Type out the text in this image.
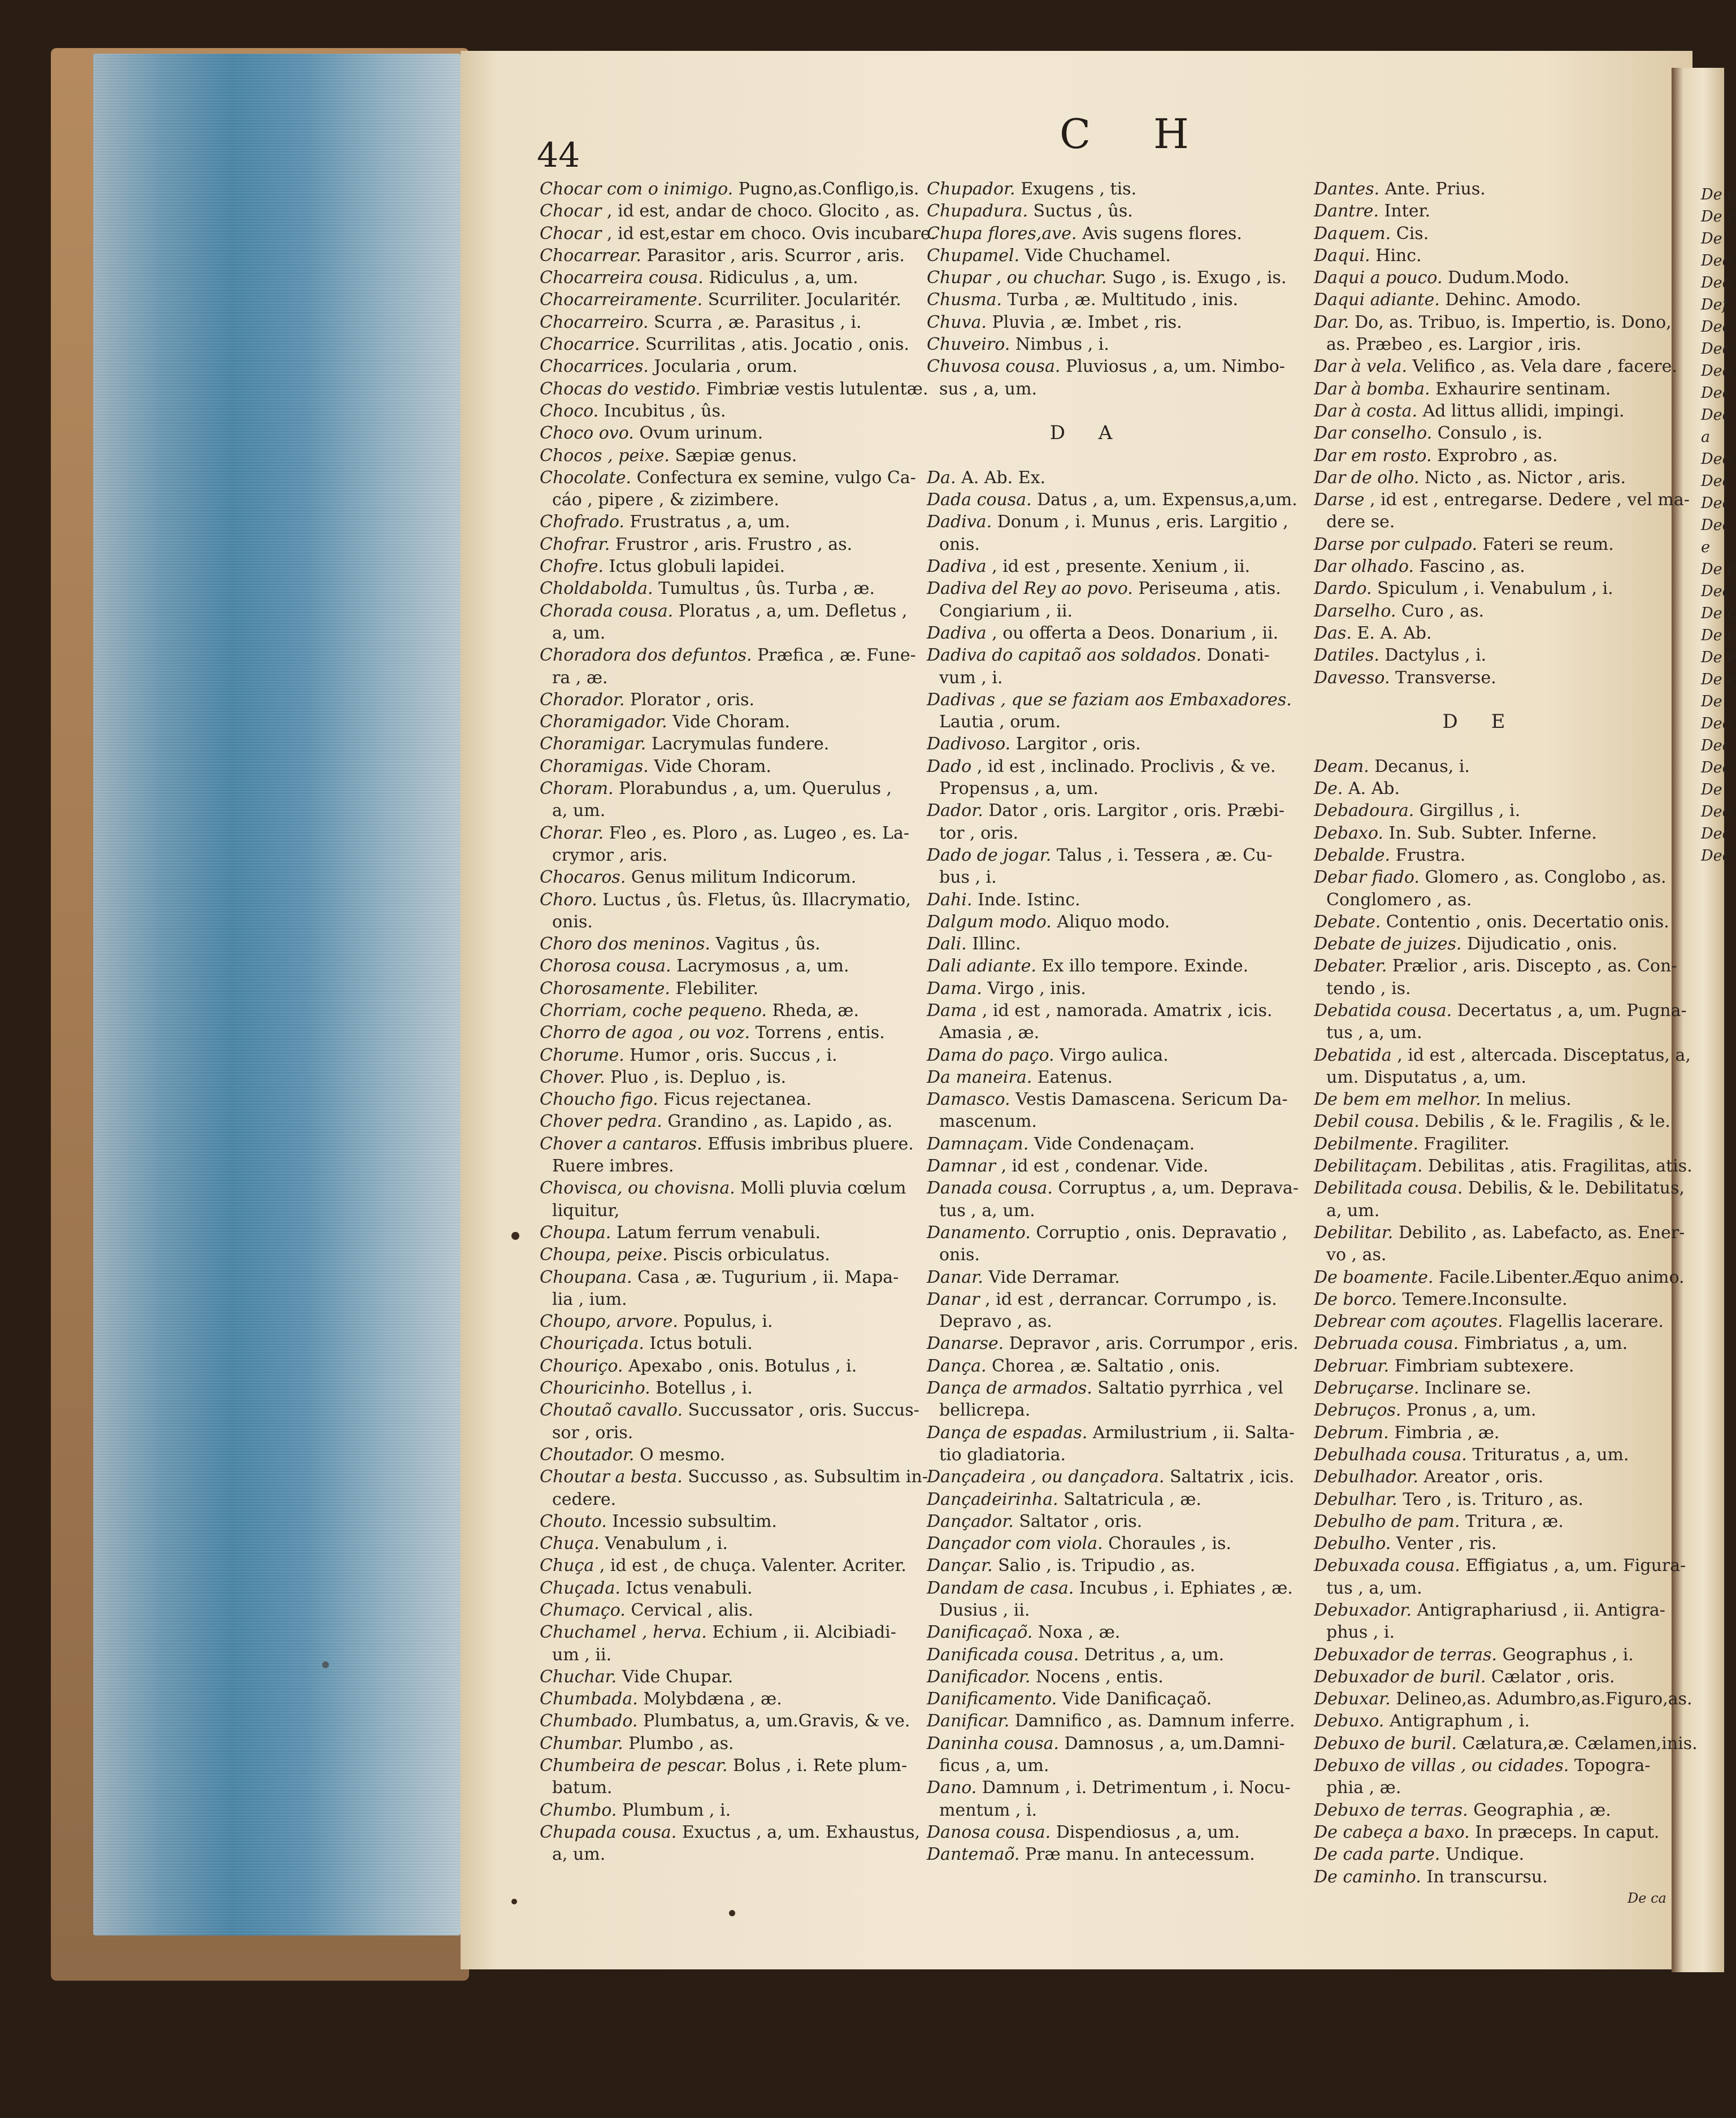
De c
De c
De
Dec
Dec
Def
Dec
Dec
Dec
Dec
Dec
a
Dec
Dec
Dec
Dec
e
De c
Dec
De c
De c
De e
De c
De
Dec
Dec
Dec
De
Dec
Dec
Dec
44	C H
Chocar com o inimigo. Pugno,as.Confligo,is.
Chocar , id est, andar de choco. Glocito , as.
Chocar , id est,estar em choco. Ovis incubare.
Chocarrear. Parasitor , aris. Scurror , aris.
Chocarreira cousa. Ridiculus , a, um.
Chocarreiramente. Scurriliter. Jocularitér.
Chocarreiro. Scurra , æ. Parasitus , i.
Chocarrice. Scurrilitas , atis. Jocatio , onis.
Chocarrices. Jocularia , orum.
Chocas do vestido. Fimbriæ vestis lutulentæ.
Choco. Incubitus , ûs.
Choco ovo. Ovum urinum.
Chocos , peixe. Sæpiæ genus.
Chocolate. Confectura ex semine, vulgo Ca-
cáo , pipere , & zizimbere.
Chofrado. Frustratus , a, um.
Chofrar. Frustror , aris. Frustro , as.
Chofre. Ictus globuli lapidei.
Choldabolda. Tumultus , ûs. Turba , æ.
Chorada cousa. Ploratus , a, um. Defletus ,
a, um.
Choradora dos defuntos. Præfica , æ. Fune-
ra , æ.
Chorador. Plorator , oris.
Choramigador. Vide Choram.
Choramigar. Lacrymulas fundere.
Choramigas. Vide Choram.
Choram. Plorabundus , a, um. Querulus ,
a, um.
Chorar. Fleo , es. Ploro , as. Lugeo , es. La-
crymor , aris.
Chocaros. Genus militum Indicorum.
Choro. Luctus , ûs. Fletus, ûs. Illacrymatio,
onis.
Choro dos meninos. Vagitus , ûs.
Chorosa cousa. Lacrymosus , a, um.
Chorosamente. Flebiliter.
Chorriam, coche pequeno. Rheda, æ.
Chorro de agoa , ou voz. Torrens , entis.
Chorume. Humor , oris. Succus , i.
Chover. Pluo , is. Depluo , is.
Choucho figo. Ficus rejectanea.
Chover pedra. Grandino , as. Lapido , as.
Chover a cantaros. Effusis imbribus pluere.
Ruere imbres.
Chovisca, ou chovisna. Molli pluvia cœlum
liquitur,
Choupa. Latum ferrum venabuli.
Choupa, peixe. Piscis orbiculatus.
Choupana. Casa , æ. Tugurium , ii. Mapa-
lia , ium.
Choupo, arvore. Populus, i.
Chouriçada. Ictus botuli.
Chouriço. Apexabo , onis. Botulus , i.
Chouricinho. Botellus , i.
Choutaõ cavallo. Succussator , oris. Succus-
sor , oris.
Choutador. O mesmo.
Choutar a besta. Succusso , as. Subsultim in-
cedere.
Chouto. Incessio subsultim.
Chuça. Venabulum , i.
Chuça , id est , de chuça. Valenter. Acriter.
Chuçada. Ictus venabuli.
Chumaço. Cervical , alis.
Chuchamel , herva. Echium , ii. Alcibiadi-
um , ii.
Chuchar. Vide Chupar.
Chumbada. Molybdæna , æ.
Chumbado. Plumbatus, a, um.Gravis, & ve.
Chumbar. Plumbo , as.
Chumbeira de pescar. Bolus , i. Rete plum-
batum.
Chumbo. Plumbum , i.
Chupada cousa. Exuctus , a, um. Exhaustus,
a, um.
Chupador. Exugens , tis.
Chupadura. Suctus , ûs.
Chupa flores,ave. Avis sugens flores.
Chupamel. Vide Chuchamel.
Chupar , ou chuchar. Sugo , is. Exugo , is.
Chusma. Turba , æ. Multitudo , inis.
Chuva. Pluvia , æ. Imbet , ris.
Chuveiro. Nimbus , i.
Chuvosa cousa. Pluviosus , a, um. Nimbo-
sus , a, um.
D A
Da. A. Ab. Ex.
Dada cousa. Datus , a, um. Expensus,a,um.
Dadiva. Donum , i. Munus , eris. Largitio ,
onis.
Dadiva , id est , presente. Xenium , ii.
Dadiva del Rey ao povo. Periseuma , atis.
Congiarium , ii.
Dadiva , ou offerta a Deos. Donarium , ii.
Dadiva do capitaõ aos soldados. Donati-
vum , i.
Dadivas , que se faziam aos Embaxadores.
Lautia , orum.
Dadivoso. Largitor , oris.
Dado , id est , inclinado. Proclivis , & ve.
Propensus , a, um.
Dador. Dator , oris. Largitor , oris. Præbi-
tor , oris.
Dado de jogar. Talus , i. Tessera , æ. Cu-
bus , i.
Dahi. Inde. Istinc.
Dalgum modo. Aliquo modo.
Dali. Illinc.
Dali adiante. Ex illo tempore. Exinde.
Dama. Virgo , inis.
Dama , id est , namorada. Amatrix , icis.
Amasia , æ.
Dama do paço. Virgo aulica.
Da maneira. Eatenus.
Damasco. Vestis Damascena. Sericum Da-
mascenum.
Damnaçam. Vide Condenaçam.
Damnar , id est , condenar. Vide.
Danada cousa. Corruptus , a, um. Deprava-
tus , a, um.
Danamento. Corruptio , onis. Depravatio ,
onis.
Danar. Vide Derramar.
Danar , id est , derrancar. Corrumpo , is.
Depravo , as.
Danarse. Depravor , aris. Corrumpor , eris.
Dança. Chorea , æ. Saltatio , onis.
Dança de armados. Saltatio pyrrhica , vel
bellicrepa.
Dança de espadas. Armilustrium , ii. Salta-
tio gladiatoria.
Dançadeira , ou dançadora. Saltatrix , icis.
Dançadeirinha. Saltatricula , æ.
Dançador. Saltator , oris.
Dançador com viola. Choraules , is.
Dançar. Salio , is. Tripudio , as.
Dandam de casa. Incubus , i. Ephiates , æ.
Dusius , ii.
Danificaçaõ. Noxa , æ.
Danificada cousa. Detritus , a, um.
Danificador. Nocens , entis.
Danificamento. Vide Danificaçaõ.
Danificar. Damnifico , as. Damnum inferre.
Daninha cousa. Damnosus , a, um.Damni-
ficus , a, um.
Dano. Damnum , i. Detrimentum , i. Nocu-
mentum , i.
Danosa cousa. Dispendiosus , a, um.
Dantemaõ. Præ manu. In antecessum.
Dantes. Ante. Prius.
Dantre. Inter.
Daquem. Cis.
Daqui. Hinc.
Daqui a pouco. Dudum.Modo.
Daqui adiante. Dehinc. Amodo.
Dar. Do, as. Tribuo, is. Impertio, is. Dono,
as. Præbeo , es. Largior , iris.
Dar à vela. Velifico , as. Vela dare , facere.
Dar à bomba. Exhaurire sentinam.
Dar à costa. Ad littus allidi, impingi.
Dar conselho. Consulo , is.
Dar em rosto. Exprobro , as.
Dar de olho. Nicto , as. Nictor , aris.
Darse , id est , entregarse. Dedere , vel ma-
dere se.
Darse por culpado. Fateri se reum.
Dar olhado. Fascino , as.
Dardo. Spiculum , i. Venabulum , i.
Darselho. Curo , as.
Das. E. A. Ab.
Datiles. Dactylus , i.
Davesso. Transverse.
D E
Deam. Decanus, i.
De. A. Ab.
Debadoura. Girgillus , i.
Debaxo. In. Sub. Subter. Inferne.
Debalde. Frustra.
Debar fiado. Glomero , as. Conglobo , as.
Conglomero , as.
Debate. Contentio , onis. Decertatio onis.
Debate de juizes. Dijudicatio , onis.
Debater. Prælior , aris. Discepto , as. Con-
tendo , is.
Debatida cousa. Decertatus , a, um. Pugna-
tus , a, um.
Debatida , id est , altercada. Disceptatus, a,
um. Disputatus , a, um.
De bem em melhor. In melius.
Debil cousa. Debilis , & le. Fragilis , & le.
Debilmente. Fragiliter.
Debilitaçam. Debilitas , atis. Fragilitas, atis.
Debilitada cousa. Debilis, & le. Debilitatus,
a, um.
Debilitar. Debilito , as. Labefacto, as. Ener-
vo , as.
De boamente. Facile.Libenter.Æquo animo.
De borco. Temere.Inconsulte.
Debrear com açoutes. Flagellis lacerare.
Debruada cousa. Fimbriatus , a, um.
Debruar. Fimbriam subtexere.
Debruçarse. Inclinare se.
Debruços. Pronus , a, um.
Debrum. Fimbria , æ.
Debulhada cousa. Trituratus , a, um.
Debulhador. Areator , oris.
Debulhar. Tero , is. Trituro , as.
Debulho de pam. Tritura , æ.
Debulho. Venter , ris.
Debuxada cousa. Effigiatus , a, um. Figura-
tus , a, um.
Debuxador. Antigraphariusd , ii. Antigra-
phus , i.
Debuxador de terras. Geographus , i.
Debuxador de buril. Cælator , oris.
Debuxar. Delineo,as. Adumbro,as.Figuro,as.
Debuxo. Antigraphum , i.
Debuxo de buril. Cælatura,æ. Cælamen,inis.
Debuxo de villas , ou cidades. Topogra-
phia , æ.
Debuxo de terras. Geographia , æ.
De cabeça a baxo. In præceps. In caput.
De cada parte. Undique.
De caminho. In transcursu.
De ca
